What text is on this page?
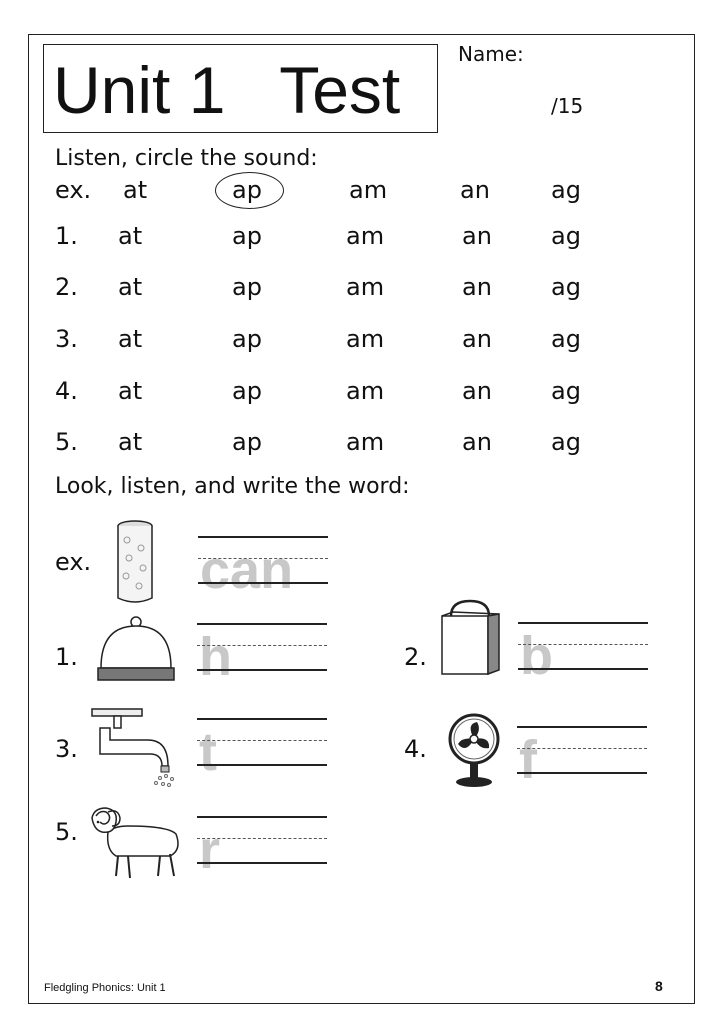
Unit 1   Test	Name:
/15
Listen, circle the sound:
ex. at	ap	am	an	ag
1. at	ap	am	an ag
2. at	ap	am	an ag
3. at	ap	am	an ag
4. at	ap	am	an ag
5. at	ap	am	an ag
Look, listen, and write the word:
ex. can
1. h	2. b
3. t	4. f
5. r
Fledgling Phonics: Unit 1	8
